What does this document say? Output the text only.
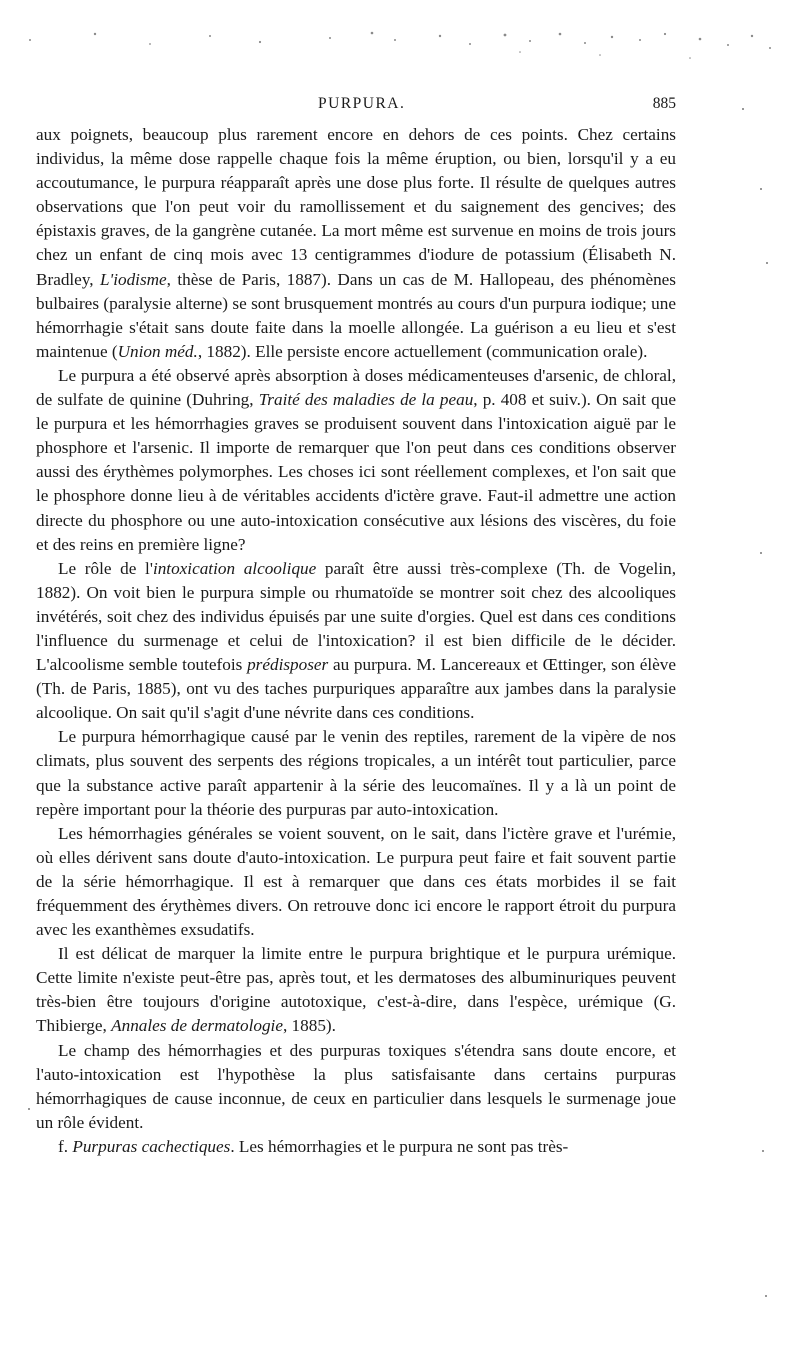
PURPURA.	885

aux poignets, beaucoup plus rarement encore en dehors de ces points. Chez certains individus, la même dose rappelle chaque fois la même éruption, ou bien, lorsqu'il y a eu accoutumance, le purpura réapparaît après une dose plus forte. Il résulte de quelques autres observations que l'on peut voir du ramollissement et du saignement des gencives; des épistaxis graves, de la gangrène cutanée. La mort même est survenue en moins de trois jours chez un enfant de cinq mois avec 13 centigrammes d'iodure de potassium (Élisabeth N. Bradley, L'iodisme, thèse de Paris, 1887). Dans un cas de M. Hallopeau, des phénomènes bulbaires (paralysie alterne) se sont brusquement montrés au cours d'un purpura iodique; une hémorrhagie s'était sans doute faite dans la moelle allongée. La guérison a eu lieu et s'est maintenue (Union méd., 1882). Elle persiste encore actuellement (communication orale).

Le purpura a été observé après absorption à doses médicamenteuses d'arsenic, de chloral, de sulfate de quinine (Duhring, Traité des maladies de la peau, p. 408 et suiv.). On sait que le purpura et les hémorrhagies graves se produisent souvent dans l'intoxication aiguë par le phosphore et l'arsenic. Il importe de remarquer que l'on peut dans ces conditions observer aussi des érythèmes polymorphes. Les choses ici sont réellement complexes, et l'on sait que le phosphore donne lieu à de véritables accidents d'ictère grave. Faut-il admettre une action directe du phosphore ou une auto-intoxication consécutive aux lésions des viscères, du foie et des reins en première ligne?

Le rôle de l'intoxication alcoolique paraît être aussi très-complexe (Th. de Vogelin, 1882). On voit bien le purpura simple ou rhumatoïde se montrer soit chez des alcooliques invétérés, soit chez des individus épuisés par une suite d'orgies. Quel est dans ces conditions l'influence du surmenage et celui de l'intoxication? il est bien difficile de le décider. L'alcoolisme semble toutefois prédisposer au purpura. M. Lancereaux et Œttinger, son élève (Th. de Paris, 1885), ont vu des taches purpuriques apparaître aux jambes dans la paralysie alcoolique. On sait qu'il s'agit d'une névrite dans ces conditions.

Le purpura hémorrhagique causé par le venin des reptiles, rarement de la vipère de nos climats, plus souvent des serpents des régions tropicales, a un intérêt tout particulier, parce que la substance active paraît appartenir à la série des leucomaïnes. Il y a là un point de repère important pour la théorie des purpuras par auto-intoxication.

Les hémorrhagies générales se voient souvent, on le sait, dans l'ictère grave et l'urémie, où elles dérivent sans doute d'auto-intoxication. Le purpura peut faire et fait souvent partie de la série hémorrhagique. Il est à remarquer que dans ces états morbides il se fait fréquemment des érythèmes divers. On retrouve donc ici encore le rapport étroit du purpura avec les exanthèmes exsudatifs.

Il est délicat de marquer la limite entre le purpura brightique et le purpura urémique. Cette limite n'existe peut-être pas, après tout, et les dermatoses des albuminuriques peuvent très-bien être toujours d'origine autotoxique, c'est-à-dire, dans l'espèce, urémique (G. Thibierge, Annales de dermatologie, 1885).

Le champ des hémorrhagies et des purpuras toxiques s'étendra sans doute encore, et l'auto-intoxication est l'hypothèse la plus satisfaisante dans certains purpuras hémorrhagiques de cause inconnue, de ceux en particulier dans lesquels le surmenage joue un rôle évident.

f. Purpuras cachectiques. Les hémorrhagies et le purpura ne sont pas très-
